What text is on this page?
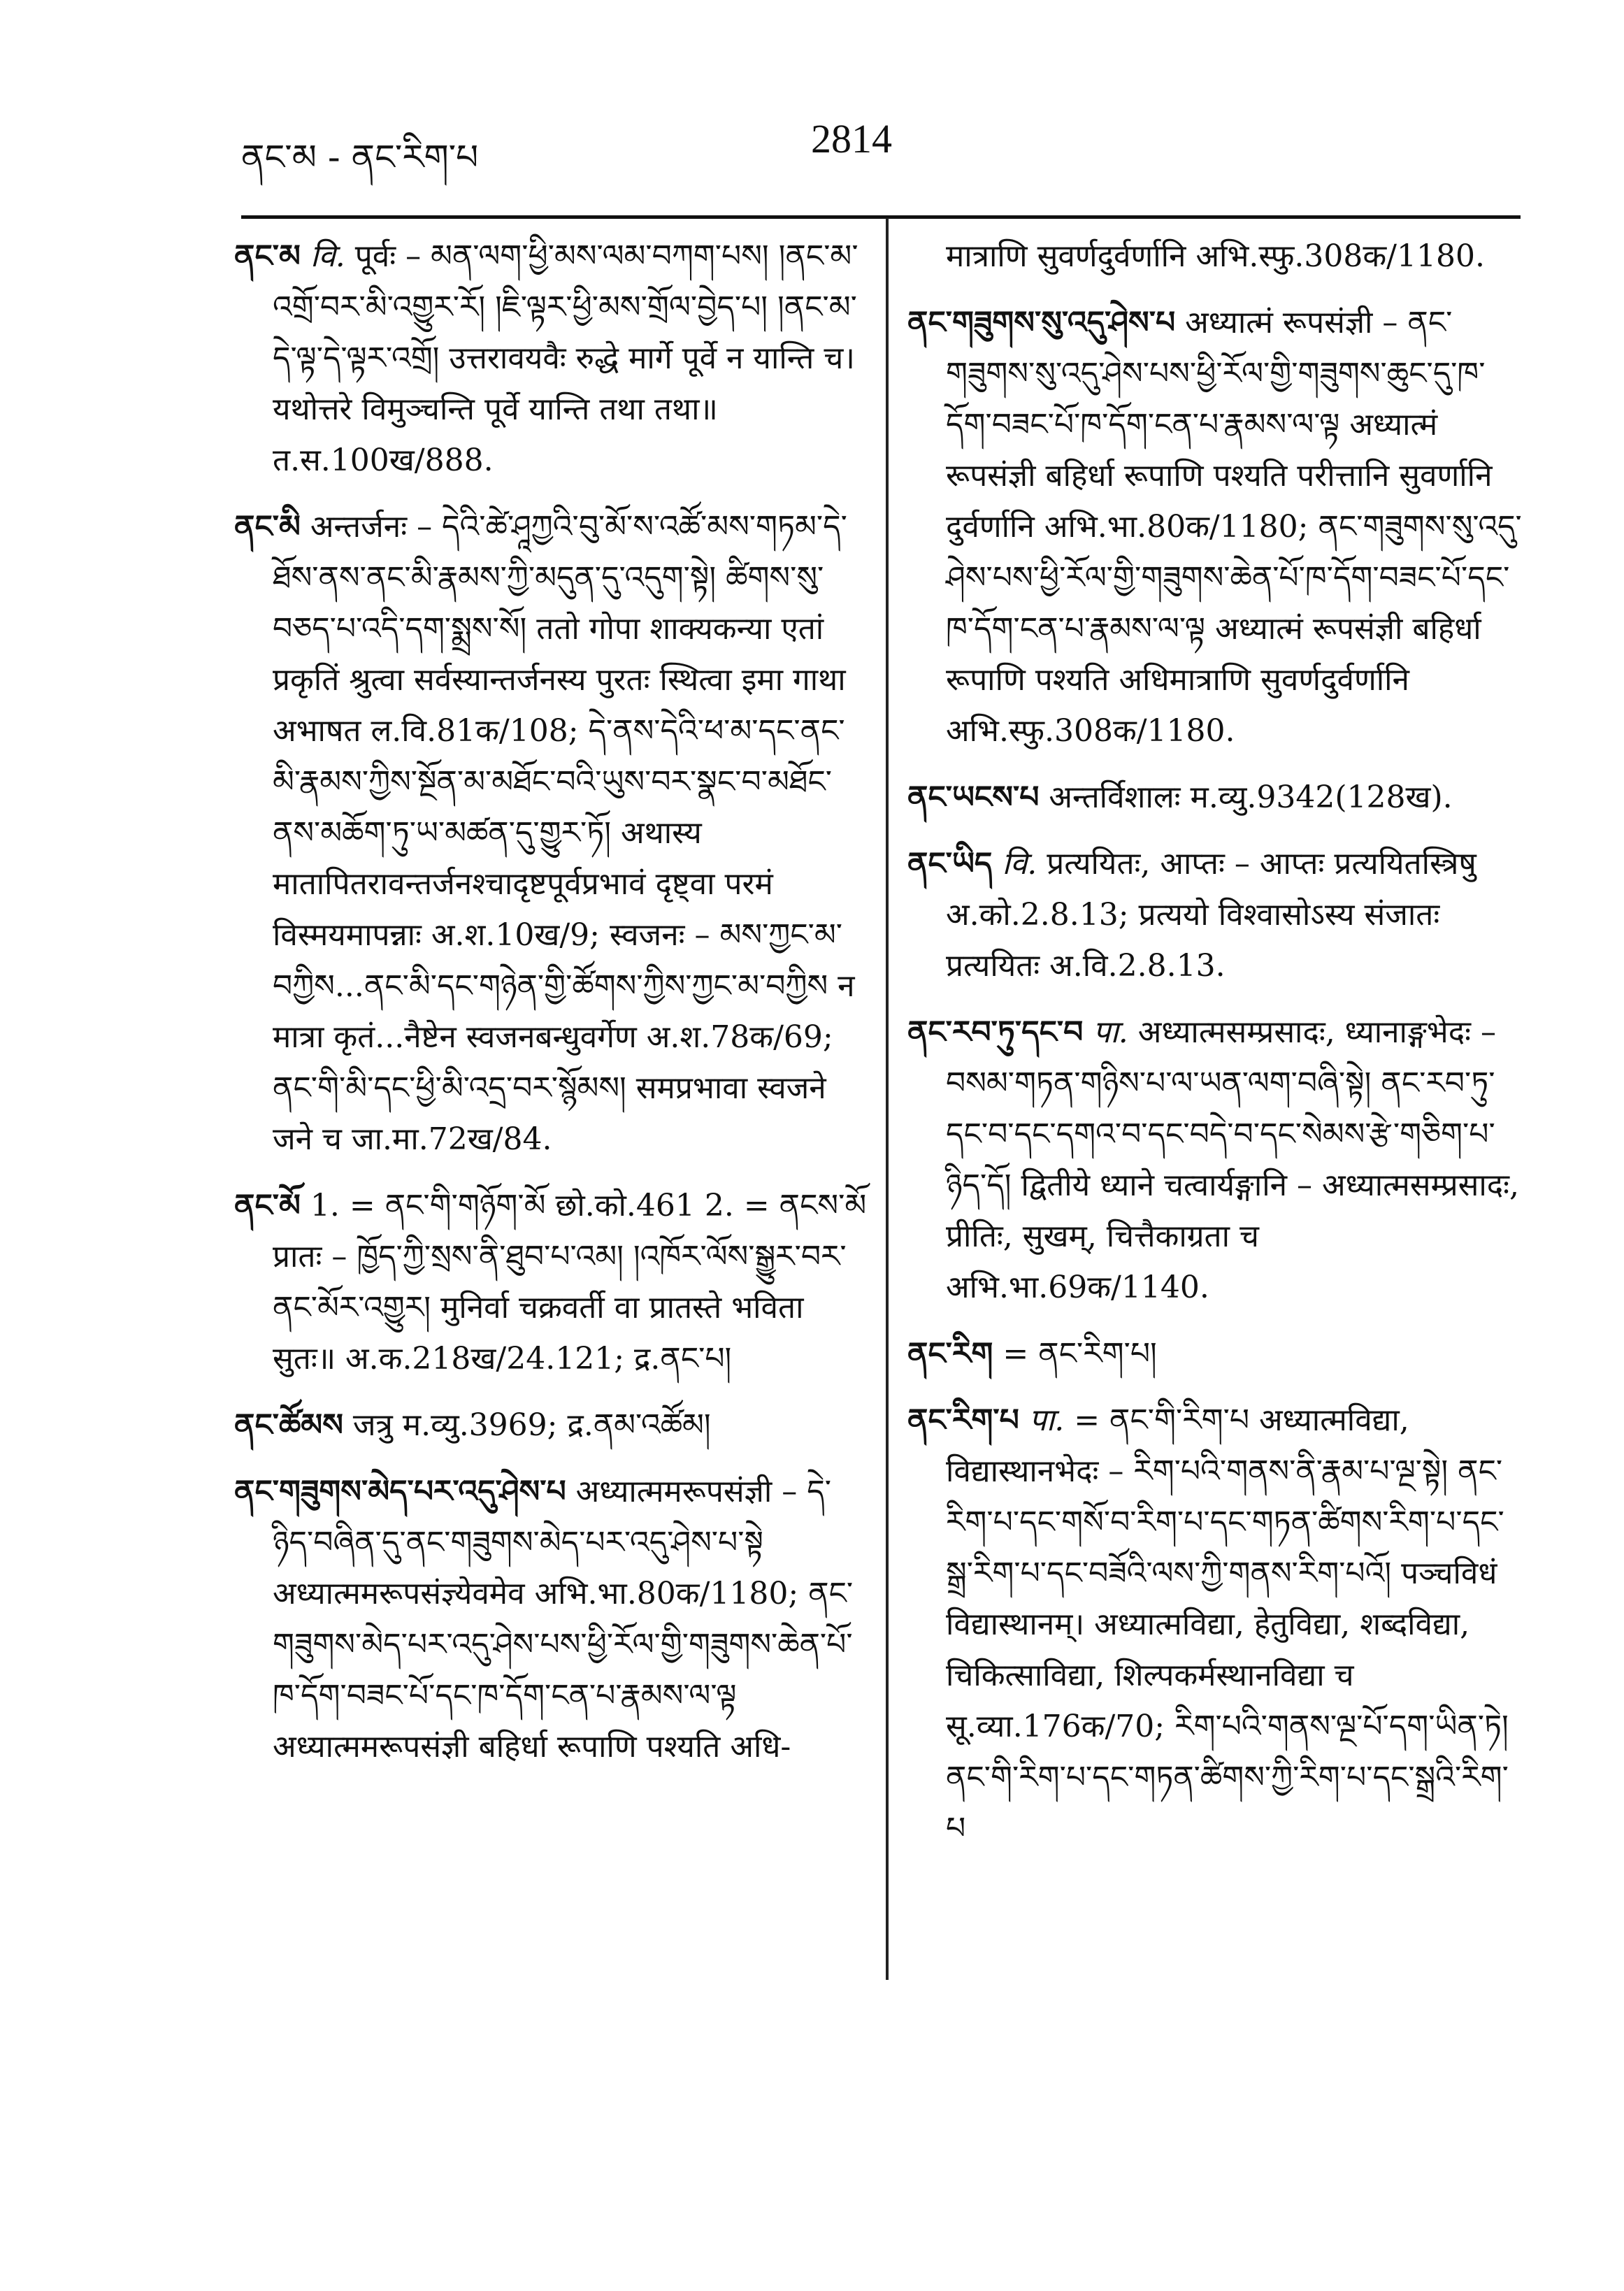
ནང་མ - ནང་རིག་པ	2814

ནང་མ वि. पूर्वः – མན་ལག་ཕྱི་མས་ལམ་བཀག་པས། །ནང་མ་འགྲོ་བར་མི་འགྱུར་རོ། །ཇི་ལྟར་ཕྱི་མས་གྲོལ་བྱེད་པ། །ནང་མ་དེ་ལྟ་དེ་ལྟར་འགྲོ། उत्तरावयवैः रुद्धे मार्गे पूर्वे न यान्ति च। यथोत्तरे विमुञ्चन्ति पूर्वे यान्ति तथा तथा॥ त.स.100ख/888.

ནང་མི अन्तर्जनः – དེའི་ཚེ་ཤཱཀྱའི་བུ་མོ་ས་འཚོ་མས་གཏམ་དེ་ཐོས་ནས་ནང་མི་རྣམས་ཀྱི་མདུན་དུ་འདུག་སྟེ། ཚིགས་སུ་བཅད་པ་འདི་དག་སྨྲས་སོ། ततो गोपा शाक्यकन्या एतां प्रकृतिं श्रुत्वा सर्वस्यान्तर्जनस्य पुरतः स्थित्वा इमा गाथा अभाषत ल.वि.81क/108; དེ་ནས་དེའི་ཕ་མ་དང་ནང་མི་རྣམས་ཀྱིས་སྔོན་མ་མཐོང་བའི་ཡུས་བར་སྣང་བ་མཐོང་ནས་མཆོག་ཏུ་ཡ་མཚན་དུ་གྱུར་ཏོ། अथास्य मातापितरावन्तर्जनश्चादृष्टपूर्वप्रभावं दृष्ट्वा परमं विस्मयमापन्नाः अ.श.10ख/9; स्वजनः – མས་ཀྱང་མ་བཀྱིས...ནང་མི་དང་གཉེན་གྱི་ཚོགས་ཀྱིས་ཀྱང་མ་བཀྱིས न मात्रा कृतं...नैष्टेन स्वजनबन्धुवर्गेण अ.श.78क/69; ནང་གི་མི་དང་ཕྱི་མི་འདྲ་བར་སྙོམས། समप्रभावा स्वजने जने च जा.मा.72ख/84.

ནང་མོ 1. = ནང་གི་གཉོག་མོ छो.को.461 2. = ནངས་མོ प्रातः – ཁྱོད་ཀྱི་སྲས་ནི་ཐུབ་པ་འམ། །འཁོར་ལོས་སྒྱུར་བར་ནང་མོར་འགྱུར། मुनिर्वा चक्रवर्ती वा प्रातस्ते भविता सुतः॥ अ.क.218ख/24.121; द्र.ནང་པ།

ནང་ཚོམས जत्रु म.व्यु.3969; द्र.ནམ་འཚོམ།

ནང་གཟུགས་མེད་པར་འདུ་ཤེས་པ अध्यात्ममरूपसंज्ञी – དེ་ཉིད་བཞིན་དུ་ནང་གཟུགས་མེད་པར་འདུ་ཤེས་པ་སྟེ अध्यात्ममरूपसंज्ञ्येवमेव अभि.भा.80क/1180; ནང་གཟུགས་མེད་པར་འདུ་ཤེས་པས་ཕྱི་རོལ་གྱི་གཟུགས་ཆེན་པོ་ཁ་དོག་བཟང་པོ་དང་ཁ་དོག་ངན་པ་རྣམས་ལ་ལྟ अध्यात्ममरूपसंज्ञी बहिर्धा रूपाणि पश्यति अधि-

मात्राणि सुवर्णदुर्वर्णानि अभि.स्फु.308क/1180.

ནང་གཟུགས་སུ་འདུ་ཤེས་པ अध्यात्मं रूपसंज्ञी – ནང་གཟུགས་སུ་འདུ་ཤེས་པས་ཕྱི་རོལ་གྱི་གཟུགས་ཆུང་དུ་ཁ་དོག་བཟང་པོ་ཁ་དོག་ངན་པ་རྣམས་ལ་ལྟ अध्यात्मं रूपसंज्ञी बहिर्धा रूपाणि पश्यति परीत्तानि सुवर्णानि दुर्वर्णानि अभि.भा.80क/1180; ནང་གཟུགས་སུ་འདུ་ཤེས་པས་ཕྱི་རོལ་གྱི་གཟུགས་ཆེན་པོ་ཁ་དོག་བཟང་པོ་དང་ཁ་དོག་ངན་པ་རྣམས་ལ་ལྟ अध्यात्मं रूपसंज्ञी बहिर्धा रूपाणि पश्यति अधिमात्राणि सुवर्णदुर्वर्णानि अभि.स्फु.308क/1180.

ནང་ཡངས་པ अन्तर्विशालः म.व्यु.9342(128ख).

ནང་ཡིད वि. प्रत्ययितः, आप्तः – आप्तः प्रत्ययितस्त्रिषु अ.को.2.8.13; प्रत्ययो विश्वासोऽस्य संजातः प्रत्ययितः अ.वि.2.8.13.

ནང་རབ་ཏུ་དང་བ पा. अध्यात्मसम्प्रसादः, ध्यानाङ्गभेदः – བསམ་གཏན་གཉིས་པ་ལ་ཡན་ལག་བཞི་སྟེ། ནང་རབ་ཏུ་དང་བ་དང་དགའ་བ་དང་བདེ་བ་དང་སེམས་རྩེ་གཅིག་པ་ཉིད་དོ། द्वितीये ध्याने चत्वार्यङ्गानि – अध्यात्मसम्प्रसादः, प्रीतिः, सुखम्, चित्तैकाग्रता च अभि.भा.69क/1140.

ནང་རིག = ནང་རིག་པ།

ནང་རིག་པ पा. = ནང་གི་རིག་པ अध्यात्मविद्या, विद्यास्थानभेदः – རིག་པའི་གནས་ནི་རྣམ་པ་ལྔ་སྟེ། ནང་རིག་པ་དང་གསོ་བ་རིག་པ་དང་གཏན་ཚིགས་རིག་པ་དང་སྒྲ་རིག་པ་དང་བཟོའི་ལས་ཀྱི་གནས་རིག་པའོ། पञ्चविधं विद्यास्थानम्। अध्यात्मविद्या, हेतुविद्या, शब्दविद्या, चिकित्साविद्या, शिल्पकर्मस्थानविद्या च सू.व्या.176क/70; རིག་པའི་གནས་ལྔ་པོ་དག་ཡིན་ཏེ། ནང་གི་རིག་པ་དང་གཏན་ཚིགས་ཀྱི་རིག་པ་དང་སྒྲའི་རིག་པ
